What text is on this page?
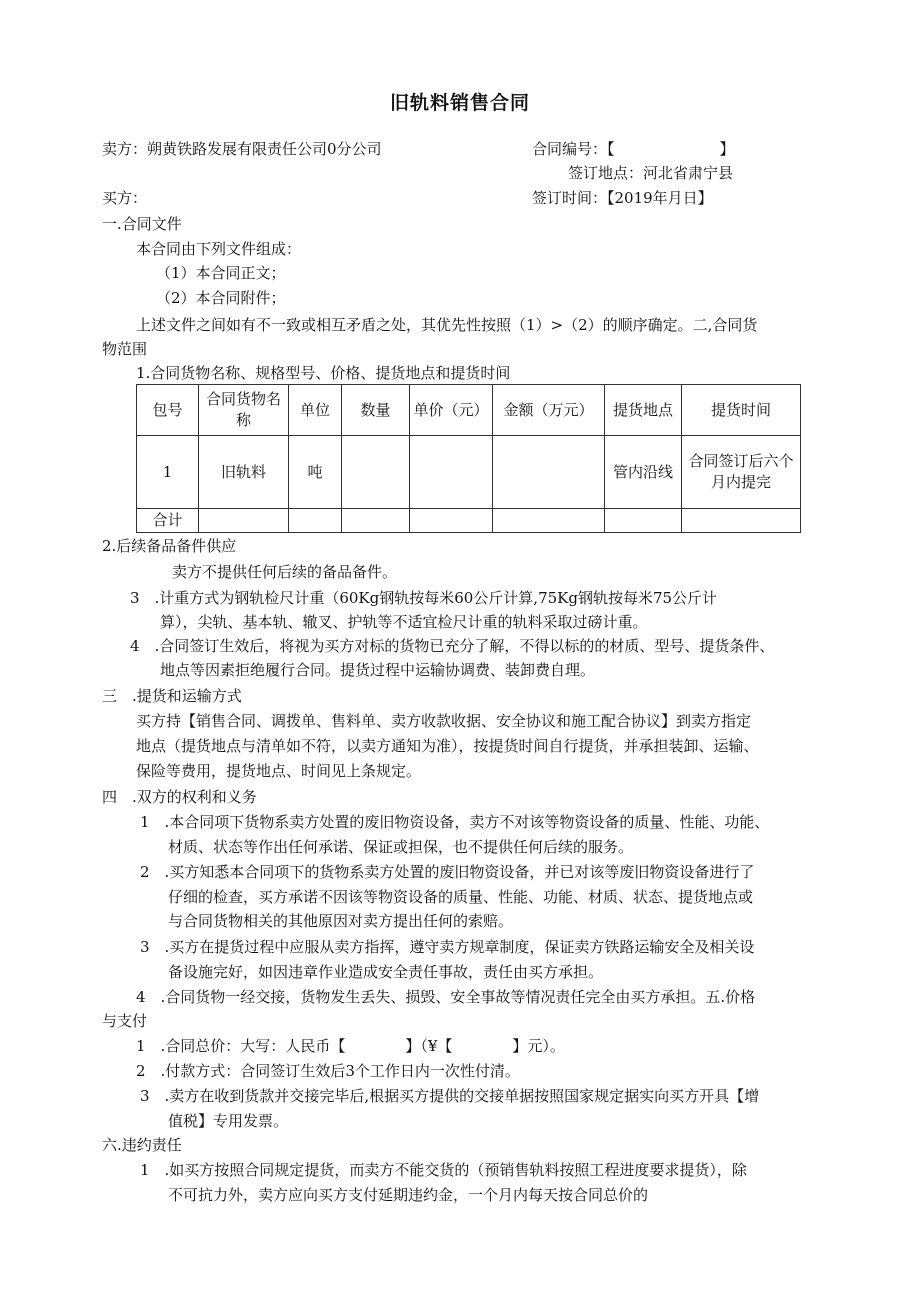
旧轨料销售合同
卖方：朔黄铁路发展有限责任公司0分公司	合同编号：【　　　　　　　】
签订地点：河北省肃宁县
买方：	签订时间：【2019年月日】
一.合同文件
本合同由下列文件组成：
（1）本合同正文；
（2）本合同附件；
上述文件之间如有不一致或相互矛盾之处，其优先性按照（1）>（2）的顺序确定。二,合同货
物范围
1.合同货物名称、规格型号、价格、提货地点和提货时间
包号	合同货物名称	单位	数量	单价（元）	金额（万元）	提货地点	提货时间
1	旧轨料	吨				管内沿线	合同签订后六个月内提完
合计							
2.后续备品备件供应
卖方不提供任何后续的备品备件。
3　.计重方式为钢轨检尺计重（60Kg钢轨按每米60公斤计算,75Kg钢轨按每米75公斤计
算），尖轨、基本轨、辙叉、护轨等不适宜检尺计重的轨料采取过磅计重。
4　.合同签订生效后，将视为买方对标的货物已充分了解，不得以标的的材质、型号、提货条件、
地点等因素拒绝履行合同。提货过程中运输协调费、装卸费自理。
三　.提货和运输方式
买方持【销售合同、调拨单、售料单、卖方收款收据、安全协议和施工配合协议】到卖方指定
地点（提货地点与清单如不符，以卖方通知为准），按提货时间自行提货，并承担装卸、运输、
保险等费用，提货地点、时间见上条规定。
四　.双方的权利和义务
1　.本合同项下货物系卖方处置的废旧物资设备，卖方不对该等物资设备的质量、性能、功能、
材质、状态等作出任何承诺、保证或担保，也不提供任何后续的服务。
2　.买方知悉本合同项下的货物系卖方处置的废旧物资设备，并已对该等废旧物资设备进行了
仔细的检查，买方承诺不因该等物资设备的质量、性能、功能、材质、状态、提货地点或
与合同货物相关的其他原因对卖方提出任何的索赔。
3　.买方在提货过程中应服从卖方指挥，遵守卖方规章制度，保证卖方铁路运输安全及相关设
备设施完好，如因违章作业造成安全责任事故，责任由买方承担。
4　.合同货物一经交接，货物发生丢失、损毁、安全事故等情况责任完全由买方承担。五.价格
与支付
1　.合同总价：大写：人民币【　　　　】（¥【　　　　】元）。
2　.付款方式：合同签订生效后3个工作日内一次性付清。
3　.卖方在收到货款并交接完毕后,根据买方提供的交接单据按照国家规定据实向买方开具【增
值税】专用发票。
六.违约责任
1　.如买方按照合同规定提货，而卖方不能交货的（预销售轨料按照工程进度要求提货），除
不可抗力外，卖方应向买方支付延期违约金，一个月内每天按合同总价的
